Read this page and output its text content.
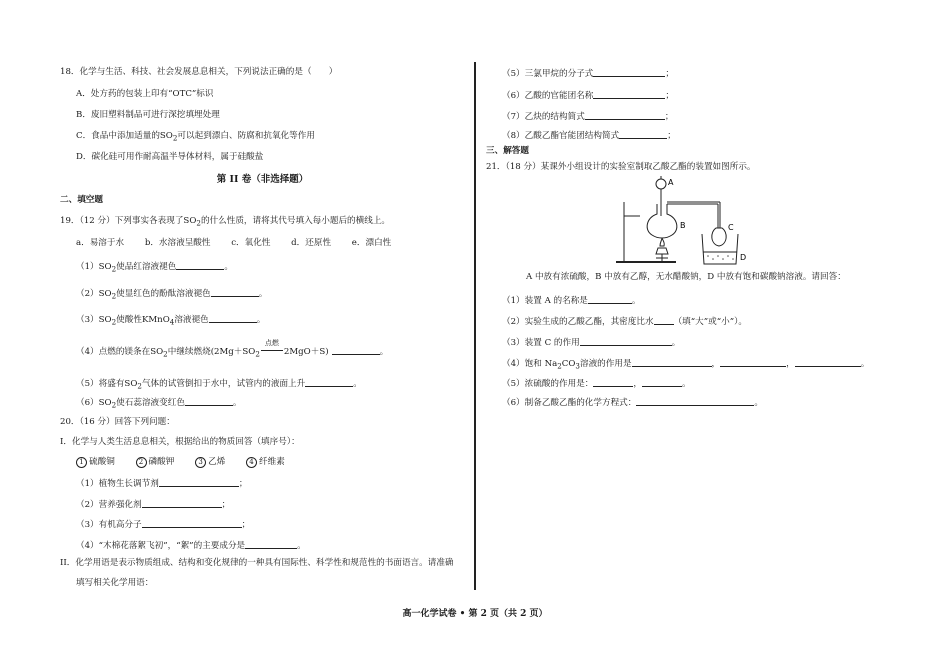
18．化学与生活、科技、社会发展息息相关，下列说法正确的是（　　）
A．处方药的包装上印有“OTC”标识
B．废旧塑料制品可进行深挖填埋处理
C．食品中添加适量的$SO_2$可以起到漂白、防腐和抗氧化等作用
D．碳化硅可用作耐高温半导体材料，属于硅酸盐
第 II 卷（非选择题）
二、填空题
19．（12 分）下列事实各表现了$SO_2$的什么性质，请将其代号填入每小题后的横线上。
a．易溶于水 b．水溶液呈酸性 c．氧化性 d．还原性 e．漂白性
$(1)SO_2$使品红溶液褪色	。
$(2)SO_2$使显红色的酚酞溶液褪色	。
$(3)SO_2$使酸性KMnO$_4$溶液褪色	。
（4）点燃的镁条在$SO_2$中继续燃烧($2Mg+SO_2$
点燃
2MgO＋S)	。
（5）将盛有$SO_2$气体的试管倒扣于水中，试管内的液面上升	。
$(6)SO_2$使石蕊溶液变红色	。
20．（16 分）回答下列问题：
I．化学与人类生活息息相关，根据给出的物质回答（填序号）：
1 硫酸铜	2 磷酸钾	3 乙烯	4 纤维素
（1）植物生长调节剂	；
（2）营养强化剂	；
（3）有机高分子	；
（4）“木棉花落絮飞初”，“絮”的主要成分是	。
II．化学用语是表示物质组成、结构和变化规律的一种具有国际性、科学性和规范性的书面语言。请准确
填写相关化学用语：
（5）三氯甲烷的分子式	；
（6）乙酸的官能团名称	；
（7）乙炔的结构简式	；
（8）乙酸乙酯官能团结构简式	；
三、解答题
21．（18 分）某课外小组设计的实验室制取乙酸乙酯的装置如图所示。
A
B	C
D
A 中放有浓硫酸，B 中放有乙醇，无水醋酸钠，D 中放有饱和碳酸钠溶液。请回答：
（1）装置 A 的名称是	。
（2）实验生成的乙酸乙酯，其密度比水 （填“大”或“小”）。
（3）装置 C 的作用	。
（4）饱和 $Na_2CO_3$溶液的作用是	，	，	。
（5）浓硫酸的作用是：	，	。
（6）制备乙酸乙酯的化学方程式：	。
高一化学试卷 • 第 2 页（共 2 页）
